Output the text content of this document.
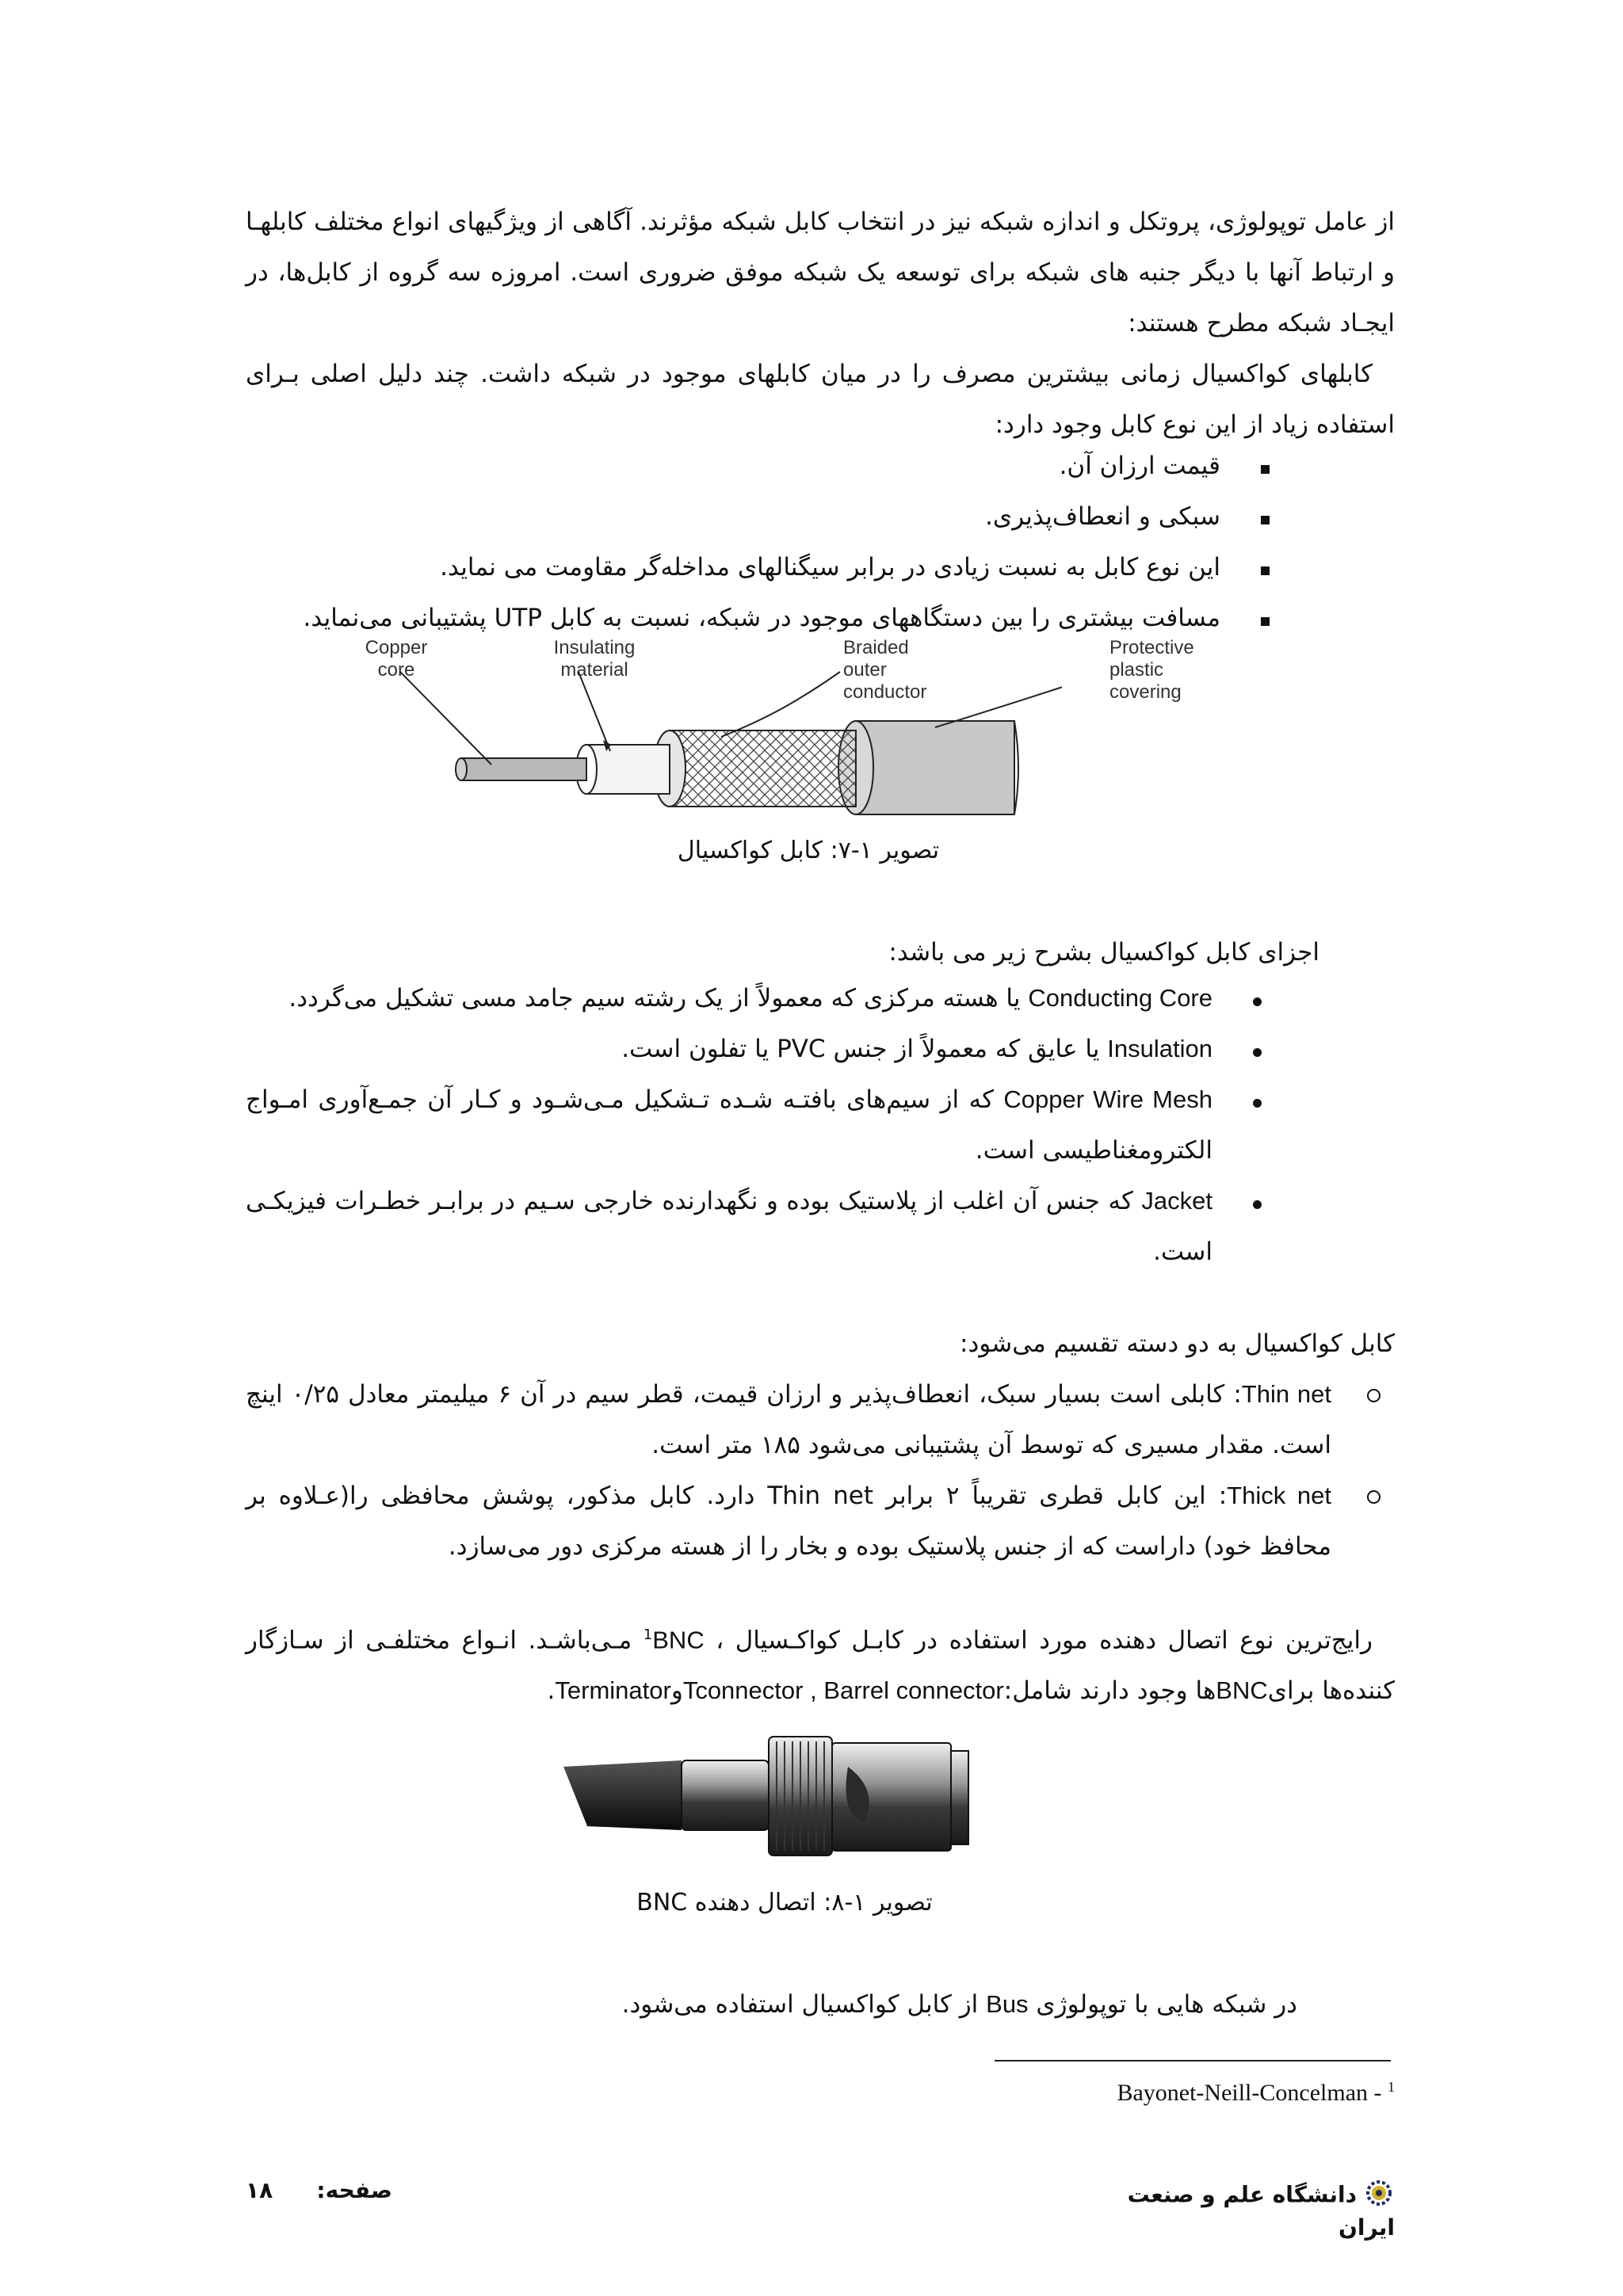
از عامل توپولوژی، پروتکل و اندازه شبکه نیز در انتخاب کابل شبکه مؤثرند. آگاهی از ویژگیهای انواع مختلف کابلهـا و ارتباط آنها با دیگر جنبه های شبکه برای توسعه یک شبکه موفق ضروری است. امروزه سه گروه از کابل‌ها، در ایجـاد شبکه مطرح هستند:

کابلهای کواکسیال زمانی بیشترین مصرف را در میان کابلهای موجود در شبکه داشت. چند دلیل اصلی بـرای استفاده زیاد از این نوع کابل وجود دارد:

قیمت ارزان آن.
سبکی و انعطاف‌پذیری.
این نوع کابل به نسبت زیادی در برابر سیگنالهای مداخله‌گر مقاومت می نماید.
مسافت بیشتری را بین دستگاههای موجود در شبکه، نسبت به کابل UTP پشتیبانی می‌نماید.
Copper
core
Insulating
material
Braided
outer
conductor
Protective
plastic
covering
تصویر ۱-۷: کابل کواکسیال

اجزای کابل کواکسیال بشرح زیر می باشد:

Conducting Core یا هسته مرکزی که معمولاً از یک رشته سیم جامد مسی تشکیل می‌گردد.
Insulation یا عایق که معمولاً از جنس PVC یا تفلون است.
Copper Wire Mesh که از سیم‌های بافتـه شـده تـشکیل مـی‌شـود و کـار آن جمـع‌آوری امـواج الکترومغناطیسی است.
Jacket که جنس آن اغلب از پلاستیک بوده و نگهدارنده خارجی سـیم در برابـر خطـرات فیزیکـی است.

کابل کواکسیال به دو دسته تقسیم می‌شود:

Thin net: کابلی است بسیار سبک، انعطاف‌پذیر و ارزان قیمت، قطر سیم در آن ۶ میلیمتر معادل ۰/۲۵ اینچ است. مقدار مسیری که توسط آن پشتیبانی می‌شود ۱۸۵ متر است.
Thick net: این کابل قطری تقریباً ۲ برابر Thin net دارد. کابل مذکور، پوشش محافظی را(عـلاوه بر محافظ خود) داراست که از جنس پلاستیک بوده و بخار را از هسته مرکزی دور می‌سازد.

رایج‌ترین نوع اتصال دهنده مورد استفاده در کابـل کواکـسیال ، $^1$BNC مـی‌باشـد. انـواع مختلفـی از سـازگار کننده‌ها برایBNCها وجود دارند شامل:Tconnector , Barrel connectorوTerminator.

تصویر ۱-۸: اتصال دهنده BNC

در شبکه هایی با توپولوژی Bus از کابل کواکسیال استفاده می‌شود.

Bayonet-Neill-Concelman - $^1$
دانشگاه علم و صنعت ایران
۱۸	صفحه:
